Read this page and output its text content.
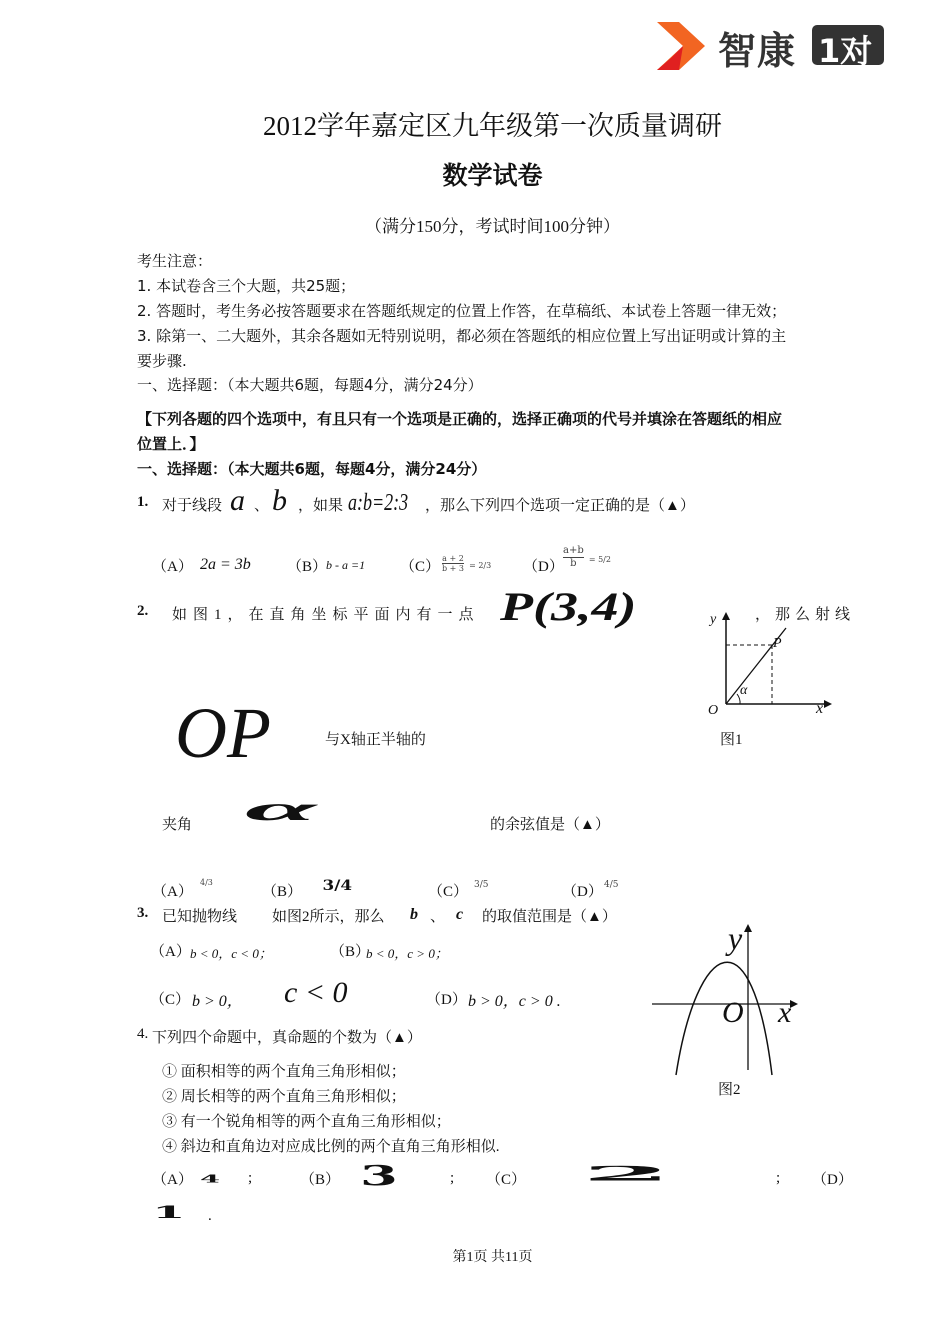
智康 1对1
2012学年嘉定区九年级第一次质量调研
数学试卷
（满分150分，考试时间100分钟）
考生注意：
1. 本试卷含三个大题，共25题；
2. 答题时，考生务必按答题要求在答题纸规定的位置上作答，在草稿纸、本试卷上答题一律无效；
3. 除第一、二大题外，其余各题如无特别说明，都必须在答题纸的相应位置上写出证明或计算的主
要步骤.
一、选择题：（本大题共6题，每题4分，满分24分）
【下列各题的四个选项中，有且只有一个选项是正确的，选择正确项的代号并填涂在答题纸的相应
位置上．】
一、选择题：（本大题共6题，每题4分，满分24分）
1. 对于线段 a 、 b ，如果 a:b=2:3 ，那么下列四个选项一定正确的是（▲）
（A） 2a = 3b （B）
b - a =1 $(C) \frac{a + 2}{b + 3} = 2/3$ $(D) \frac{a+b}{b} = 5/2$
2. 如图1，在直角坐标平面内有一点 P(3,4)	，那么射线
OP	与X轴正半轴的
夹角 α	的余弦值是（▲）
（A）
4/3
（B） 3/4	（C） 3/5	（D） 4/5
y
x
O
P
α
图1
3. 已知抛物线 如图2所示，那么 b 、 c 的取值范围是（▲）
（A） b < 0，c < 0；	（B）
b < 0，c > 0；
（C） b > 0， c < 0	（D） b > 0，c > 0 .
y
x
O
图2
4. 下列四个命题中，真命题的个数为（▲）
① 面积相等的两个直角三角形相似；
② 周长相等的两个直角三角形相似；
③ 有一个锐角相等的两个直角三角形相似；
④ 斜边和直角边对应成比例的两个直角三角形相似.
（A） 4 ;	（B） 3	; （C） 2	; （D）
1 .
第1页 共11页
